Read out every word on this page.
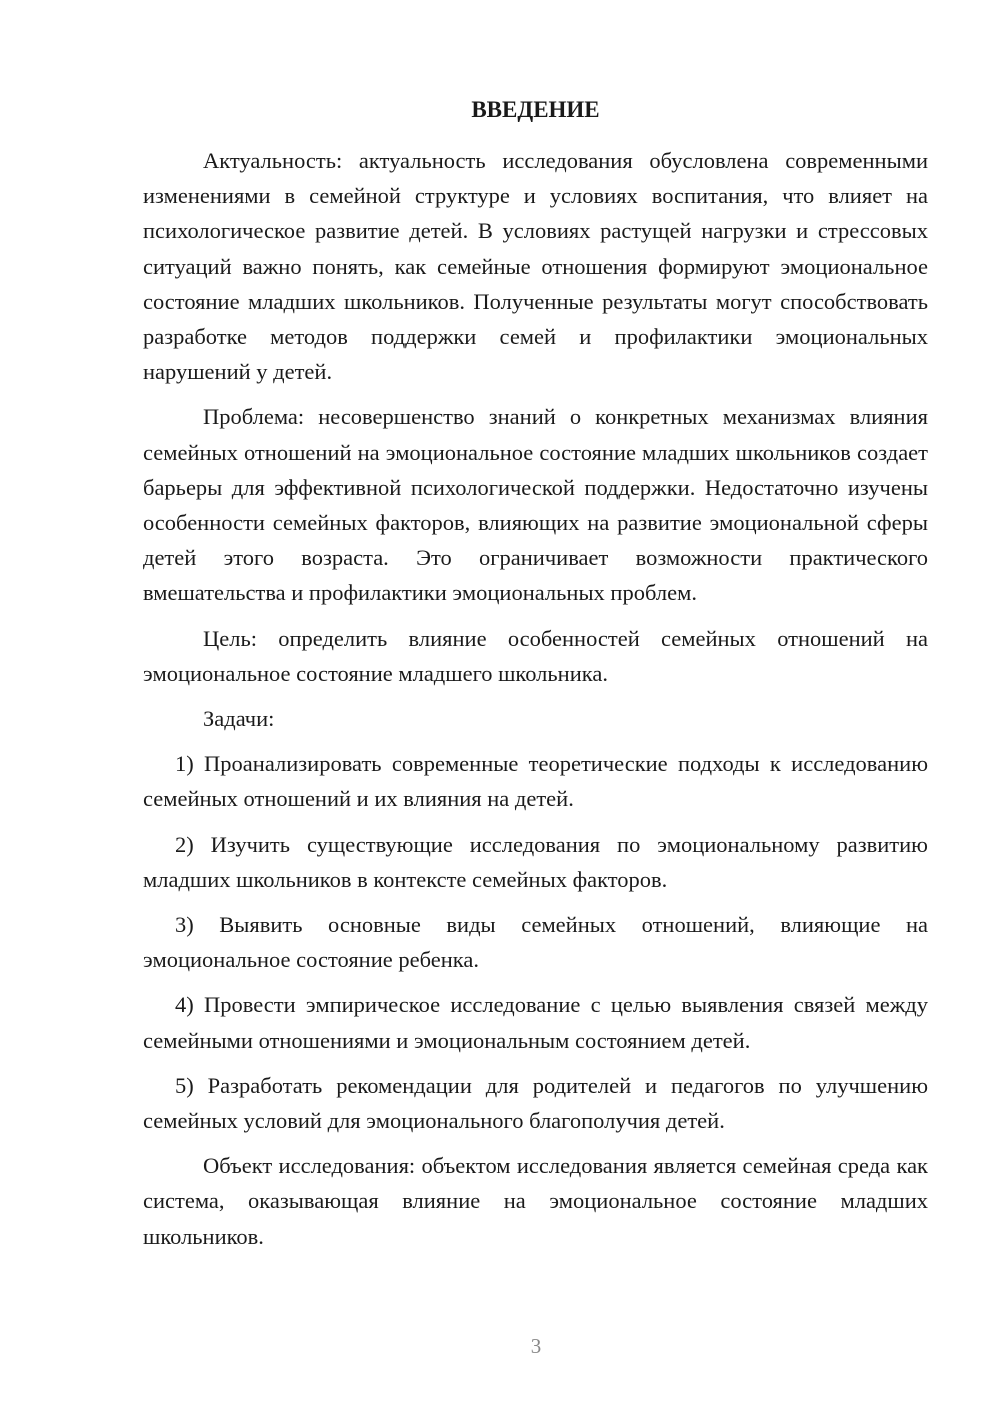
ВВЕДЕНИЕ

Актуальность: актуальность исследования обусловлена современными изменениями в семейной структуре и условиях воспитания, что влияет на психологическое развитие детей. В условиях растущей нагрузки и стрессовых ситуаций важно понять, как семейные отношения формируют эмоциональное состояние младших школьников. Полученные результаты могут способствовать разработке методов поддержки семей и профилактики эмоциональных нарушений у детей.

Проблема: несовершенство знаний о конкретных механизмах влияния семейных отношений на эмоциональное состояние младших школьников создает барьеры для эффективной психологической поддержки. Недостаточно изучены особенности семейных факторов, влияющих на развитие эмоциональной сферы детей этого возраста. Это ограничивает возможности практического вмешательства и профилактики эмоциональных проблем.

Цель: определить влияние особенностей семейных отношений на эмоциональное состояние младшего школьника.

Задачи:

1) Проанализировать современные теоретические подходы к исследованию семейных отношений и их влияния на детей.

2) Изучить существующие исследования по эмоциональному развитию младших школьников в контексте семейных факторов.

3) Выявить основные виды семейных отношений, влияющие на эмоциональное состояние ребенка.

4) Провести эмпирическое исследование с целью выявления связей между семейными отношениями и эмоциональным состоянием детей.

5) Разработать рекомендации для родителей и педагогов по улучшению семейных условий для эмоционального благополучия детей.

Объект исследования: объектом исследования является семейная среда как система, оказывающая влияние на эмоциональное состояние младших школьников.

3
